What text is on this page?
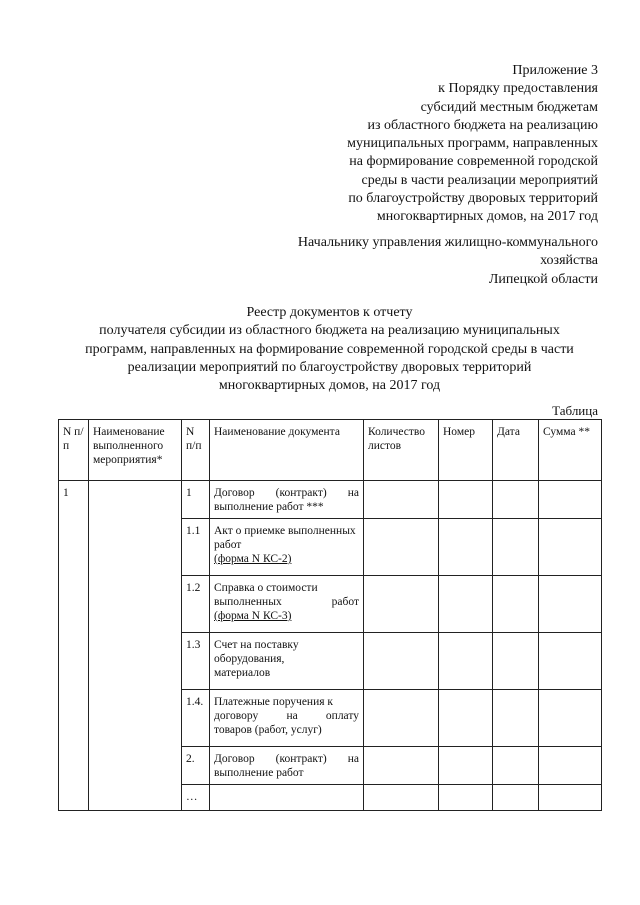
Приложение 3
к Порядку предоставления
субсидий местным бюджетам
из областного бюджета на реализацию
муниципальных программ, направленных
на формирование современной городской
среды в части реализации мероприятий
по благоустройству дворовых территорий
многоквартирных домов, на 2017 год
Начальнику управления жилищно-коммунального
хозяйства
Липецкой области
Реестр документов к отчету
получателя субсидии из областного бюджета на реализацию муниципальных
программ, направленных на формирование современной городской среды в части
реализации мероприятий по благоустройству дворовых территорий
многоквартирных домов, на 2017 год
Таблица
N п/п	Наименование выполненного мероприятия*	N п/п	Наименование документа	Количество листов	Номер	Дата	Сумма **
1		1	Договор (контракт) на
выполнение работ ***				

		1.1	Акт о приемке выполненных работ
(форма N КС-2)				

		1.2	Справка о стоимости выполненных работ
(форма N КС-3)				

		1.3	Счет на поставку оборудования,
материалов				

		1.4.	Платежные поручения к договору на оплату
товаров (работ, услуг)				

		2.	Договор (контракт) на
выполнение работ				

		…					
